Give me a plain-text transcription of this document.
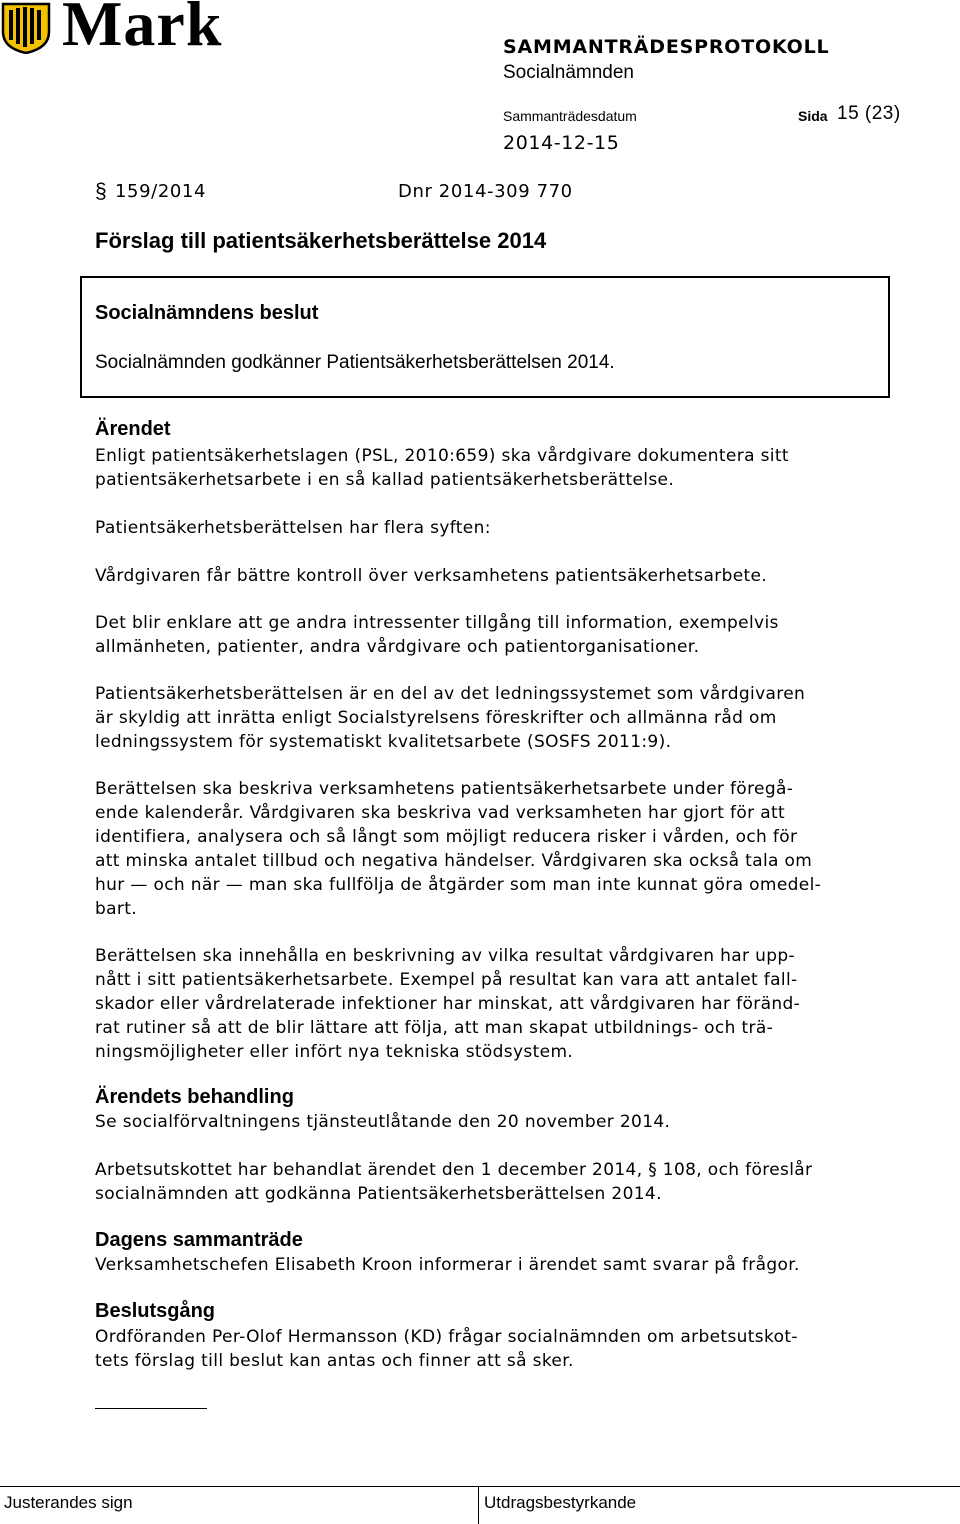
Mark	SAMMANTRÄDESPROTOKOLL
Socialnämnden
Sammanträdesdatum	Sida 15 (23)
2014-12-15
§ 159/2014	Dnr 2014-309 770
Förslag till patientsäkerhetsberättelse 2014
Socialnämndens beslut
Socialnämnden godkänner Patientsäkerhetsberättelsen 2014.
Ärendet

Enligt patientsäkerhetslagen (PSL, 2010:659) ska vårdgivare dokumentera sitt
patientsäkerhetsarbete i en så kallad patientsäkerhetsberättelse.

Patientsäkerhetsberättelsen har flera syften:

Vårdgivaren får bättre kontroll över verksamhetens patientsäkerhetsarbete.

Det blir enklare att ge andra intressenter tillgång till information, exempelvis
allmänheten, patienter, andra vårdgivare och patientorganisationer.

Patientsäkerhetsberättelsen är en del av det ledningssystemet som vårdgivaren
är skyldig att inrätta enligt Socialstyrelsens föreskrifter och allmänna råd om
ledningssystem för systematiskt kvalitetsarbete (SOSFS 2011:9).

Berättelsen ska beskriva verksamhetens patientsäkerhetsarbete under föregå-
ende kalenderår. Vårdgivaren ska beskriva vad verksamheten har gjort för att
identifiera, analysera och så långt som möjligt reducera risker i vården, och för
att minska antalet tillbud och negativa händelser. Vårdgivaren ska också tala om
hur — och när — man ska fullfölja de åtgärder som man inte kunnat göra omedel-
bart.

Berättelsen ska innehålla en beskrivning av vilka resultat vårdgivaren har upp-
nått i sitt patientsäkerhetsarbete. Exempel på resultat kan vara att antalet fall-
skador eller vårdrelaterade infektioner har minskat, att vårdgivaren har föränd-
rat rutiner så att de blir lättare att följa, att man skapat utbildnings- och trä-
ningsmöjligheter eller infört nya tekniska stödsystem.

Ärendets behandling

Se socialförvaltningens tjänsteutlåtande den 20 november 2014.

Arbetsutskottet har behandlat ärendet den 1 december 2014, § 108, och föreslår
socialnämnden att godkänna Patientsäkerhetsberättelsen 2014.

Dagens sammanträde

Verksamhetschefen Elisabeth Kroon informerar i ärendet samt svarar på frågor.

Beslutsgång

Ordföranden Per-Olof Hermansson (KD) frågar socialnämnden om arbetsutskot-
tets förslag till beslut kan antas och finner att så sker.

Justerandes sign	Utdragsbestyrkande
